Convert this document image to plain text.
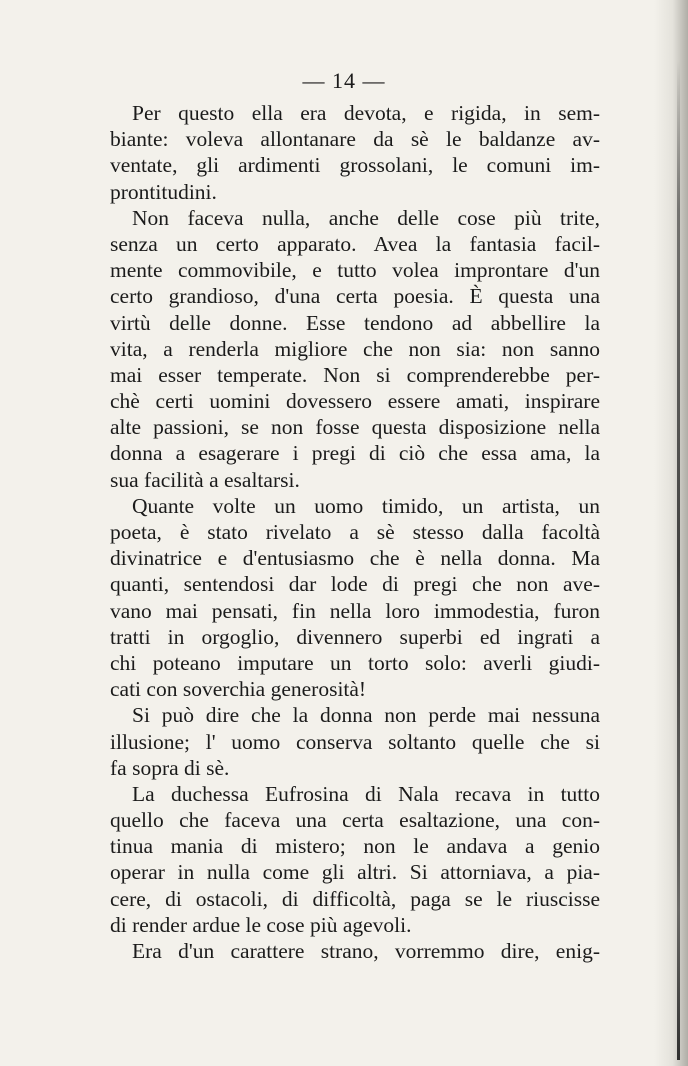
— 14 —

Per questo ella era devota, e rigida, in sem-
biante: voleva allontanare da sè le baldanze av-
ventate, gli ardimenti grossolani, le comuni im-
prontitudini.

Non faceva nulla, anche delle cose più trite,
senza un certo apparato. Avea la fantasia facil-
mente commovibile, e tutto volea improntare d'un
certo grandioso, d'una certa poesia. È questa una
virtù delle donne. Esse tendono ad abbellire la
vita, a renderla migliore che non sia: non sanno
mai esser temperate. Non si comprenderebbe per-
chè certi uomini dovessero essere amati, inspirare
alte passioni, se non fosse questa disposizione nella
donna a esagerare i pregi di ciò che essa ama, la
sua facilità a esaltarsi.

Quante volte un uomo timido, un artista, un
poeta, è stato rivelato a sè stesso dalla facoltà
divinatrice e d'entusiasmo che è nella donna. Ma
quanti, sentendosi dar lode di pregi che non ave-
vano mai pensati, fin nella loro immodestia, furon
tratti in orgoglio, divennero superbi ed ingrati a
chi poteano imputare un torto solo: averli giudi-
cati con soverchia generosità!

Si può dire che la donna non perde mai nessuna
illusione; l' uomo conserva soltanto quelle che si
fa sopra di sè.

La duchessa Eufrosina di Nala recava in tutto
quello che faceva una certa esaltazione, una con-
tinua mania di mistero; non le andava a genio
operar in nulla come gli altri. Si attorniava, a pia-
cere, di ostacoli, di difficoltà, paga se le riuscisse
di render ardue le cose più agevoli.

Era d'un carattere strano, vorremmo dire, enig-
